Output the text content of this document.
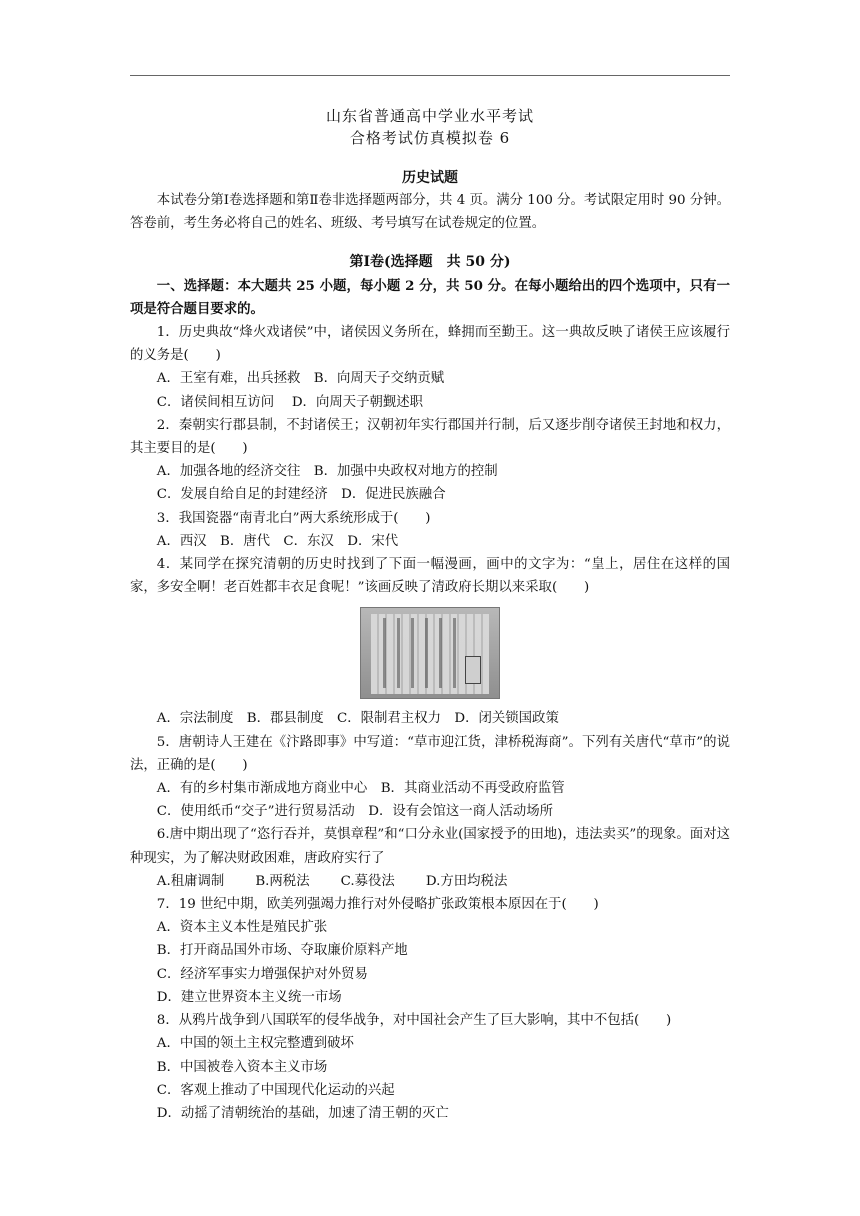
山东省普通高中学业水平考试
合格考试仿真模拟卷 6
历史试题

本试卷分第Ⅰ卷选择题和第Ⅱ卷非选择题两部分，共 4 页。满分 100 分。考试限定用时 90 分钟。答卷前，考生务必将自己的姓名、班级、考号填写在试卷规定的位置。

第Ⅰ卷(选择题　共 50 分)

一、选择题：本大题共 25 小题，每小题 2 分，共 50 分。在每小题给出的四个选项中，只有一项是符合题目要求的。

1．历史典故“烽火戏诸侯”中，诸侯因义务所在，蜂拥而至勤王。这一典故反映了诸侯王应该履行的义务是(　　)

A．王室有难，出兵拯救　B．向周天子交纳贡赋

C．诸侯间相互访问　 D．向周天子朝觐述职

2．秦朝实行郡县制，不封诸侯王；汉朝初年实行郡国并行制，后又逐步削夺诸侯王封地和权力，其主要目的是(　　)

A．加强各地的经济交往　B．加强中央政权对地方的控制

C．发展自给自足的封建经济　D．促进民族融合

3．我国瓷器“南青北白”两大系统形成于(　　)

A．西汉　B．唐代　C．东汉　D．宋代

4．某同学在探究清朝的历史时找到了下面一幅漫画，画中的文字为：“皇上，居住在这样的国家，多安全啊！老百姓都丰衣足食呢！”该画反映了清政府长期以来采取(　　)

A．宗法制度　B．郡县制度　C．限制君主权力　D．闭关锁国政策

5．唐朝诗人王建在《汴路即事》中写道：“草市迎江货，津桥税海商”。下列有关唐代“草市”的说法，正确的是(　　)

A．有的乡村集市渐成地方商业中心　B．其商业活动不再受政府监管

C．使用纸币“交子”进行贸易活动　D．设有会馆这一商人活动场所

6.唐中期出现了“恣行吞并，莫惧章程”和“口分永业(国家授予的田地)，违法卖买”的现象。面对这种现实，为了解决财政困难，唐政府实行了

A.租庸调制　　 B.两税法　　 C.募役法　　 D.方田均税法

7．19 世纪中期，欧美列强竭力推行对外侵略扩张政策根本原因在于(　　)

A．资本主义本性是殖民扩张

B．打开商品国外市场、夺取廉价原料产地

C．经济军事实力增强保护对外贸易

D．建立世界资本主义统一市场

8．从鸦片战争到八国联军的侵华战争，对中国社会产生了巨大影响，其中不包括(　　)

A．中国的领土主权完整遭到破坏

B．中国被卷入资本主义市场

C．客观上推动了中国现代化运动的兴起

D．动摇了清朝统治的基础，加速了清王朝的灭亡
